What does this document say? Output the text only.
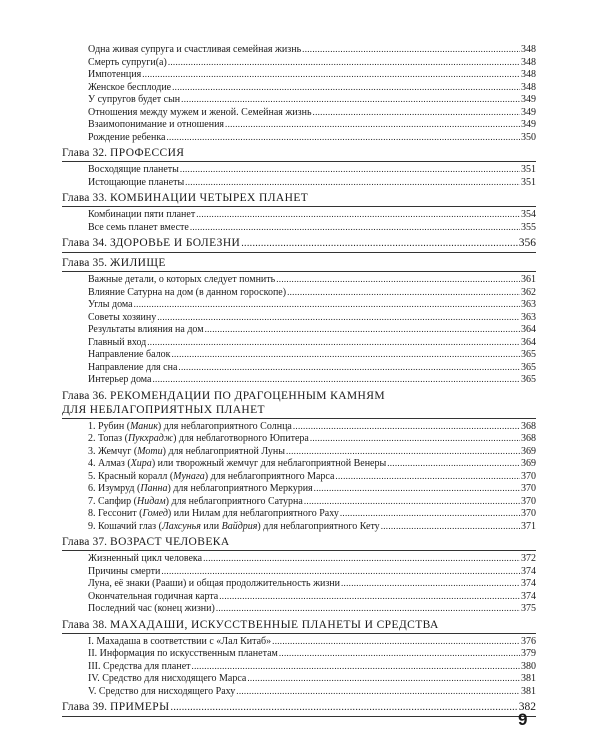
Одна живая супруга и счастливая семейная жизнь .....	348
Смерть супруги(а) .....	348
Импотенция .....	348
Женское бесплодие .....	348
У супругов будет сын .....	349
Отношения между мужем и женой. Семейная жизнь .....	349
Взаимопонимание и отношения .....	349
Рождение ребенка .....	350
Глава 32. ПРОФЕССИЯ
Восходящие планеты .....	351
Истощающие планеты .....	351
Глава 33. КОМБИНАЦИИ ЧЕТЫРЕХ ПЛАНЕТ
Комбинации пяти планет .....	354
Все семь планет вместе .....	355
Глава 34. ЗДОРОВЬЕ И БОЛЕЗНИ .....	356
Глава 35. ЖИЛИЩЕ
Важные детали, о которых следует помнить .....	361
Влияние Сатурна на дом (в данном гороскопе) .....	362
Углы дома .....	363
Советы хозяину .....	363
Результаты влияния на дом .....	364
Главный вход .....	364
Направление балок .....	365
Направление для сна .....	365
Интерьер дома .....	365
Глава 36. РЕКОМЕНДАЦИИ ПО ДРАГОЦЕННЫМ КАМНЯМ
ДЛЯ НЕБЛАГОПРИЯТНЫХ ПЛАНЕТ
1. Рубин (Маник) для неблагоприятного Солнца .....	368
2. Топаз (Пукхрадж) для неблаготворного Юпитера .....	368
3. Жемчуг (Моти) для неблагоприятной Луны .....	369
4. Алмаз (Хира) или творожный жемчуг для неблагоприятной Венеры .....	369
5. Красный коралл (Мунага) для неблагоприятного Марса .....	370
6. Изумруд (Панна) для неблагоприятного Меркурия .....	370
7. Сапфир (Нидам) для неблагоприятного Сатурна .....	370
8. Гессонит (Гомед) или Нилам для неблагоприятного Раху .....	370
9. Кошачий глаз (Лахсунья или Вайдрия) для неблагоприятного Кету .....	371
Глава 37. ВОЗРАСТ ЧЕЛОВЕКА
Жизненный цикл человека .....	372
Причины смерти .....	374
Луна, её знаки (Рааши) и общая продолжительность жизни .....	374
Окончательная годичная карта .....	374
Последний час (конец жизни) .....	375
Глава 38. МАХАДАШИ, ИСКУССТВЕННЫЕ ПЛАНЕТЫ И СРЕДСТВА
I. Махадаша в соответствии с «Лал Китаб» .....	376
II. Информация по искусственным планетам .....	379
III. Средства для планет .....	380
IV. Средство для нисходящего Марса .....	381
V. Средство для нисходящего Раху .....	381
Глава 39. ПРИМЕРЫ .....	382
9
